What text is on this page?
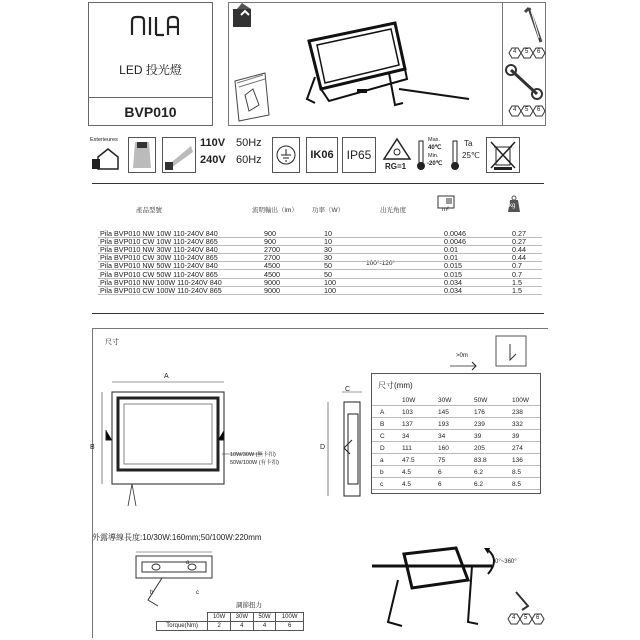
LED 投光燈
BVP010
4 5 6
4 5 6
Exterieures	110V
240V
50Hz
60Hz	IK06 IP65
RG=1
Max.
40℃
Min.
-20℃
Ta
25℃
產品型號	流明輸出（lm） 功率（W）	出光角度	m²
kg
100°-120°
Pila BVP010 NW 10W 110-240V 840	900	10	0.0046	0.27
Pila BVP010 CW 10W 110-240V 865	900	10	0.0046	0.27
Pila BVP010 NW 30W 110-240V 840	2700	30	0.01	0.44
Pila BVP010 CW 30W 110-240V 865	2700	30	0.01	0.44
Pila BVP010 NW 50W 110-240V 840	4500	50	0.015	0.7
Pila BVP010 CW 50W 110-240V 865	4500	50	0.015	0.7
Pila BVP010 NW 100W 110-240V 840	9000	100	0.034	1.5
Pila BVP010 CW 100W 110-240V 865	9000	100	0.034	1.5
尺寸
A
B
C
D
a
b	c
10W/30W (無卡扣)
50W/100W (有卡扣)
>0m
外露導線長度:10/30W:160mm;50/100W:220mm
0°~360°
4 5 6
尺寸(mm)
10W	30W	50W	100W
A	103	145	176	238
B	137	193	239	332
C	34	34	39	39
D	111	160	205	274
a	47.5	75	83.8	136
b	4.5	6	6.2	8.5
c	4.5	6	6.2	8.5
調節扭力
	10W	30W	50W	100W
Torque(Nm)	2	4	4	6
